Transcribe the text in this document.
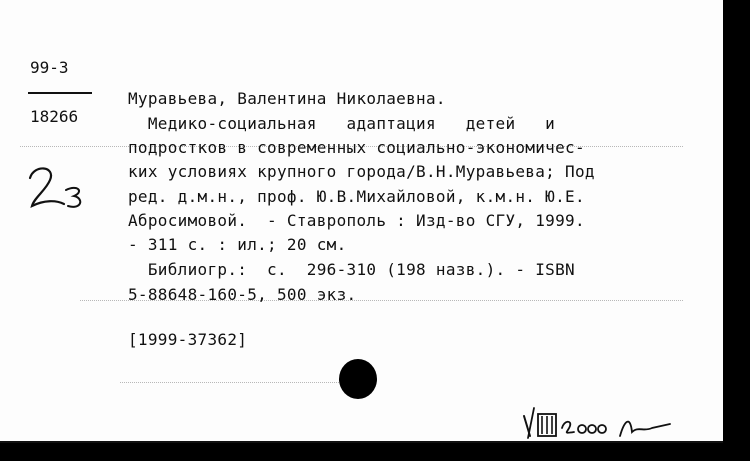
99-3
18266
Муравьева, Валентина Николаевна.
Медико-социальная   адаптация   детей   и
подростков в современных социально-экономичес-
ких условиях крупного города/В.Н.Муравьева; Под
ред. д.м.н., проф. Ю.В.Михайловой, к.м.н. Ю.Е.
Абросимовой.  - Ставрополь : Изд-во СГУ, 1999.
- 311 с. : ил.; 20 см.
Библиогр.:  с.  296-310 (198 назв.). - ISBN
5-88648-160-5, 500 экз.
[1999-37362]
